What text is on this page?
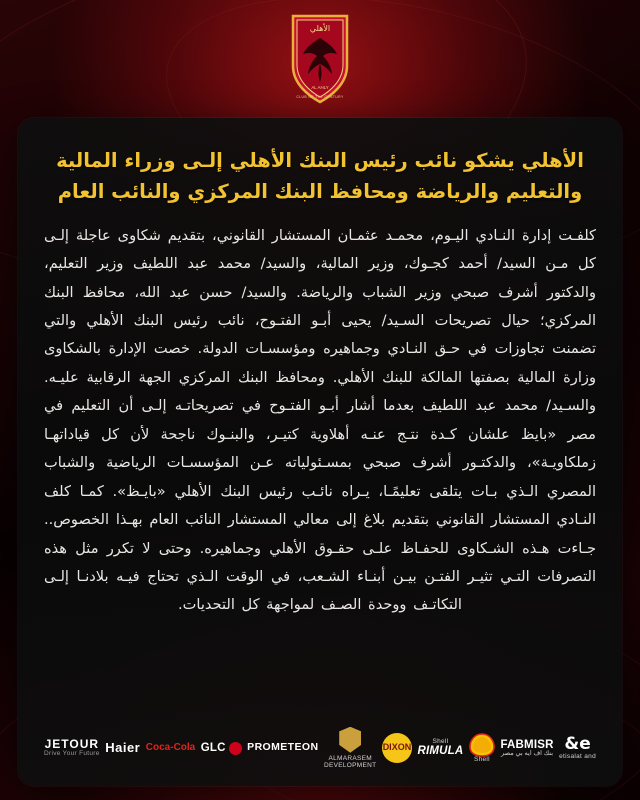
الأهلي
AL AHLY
CLUB OF THE CENTURY
الأهلي يشكو نائب رئيس البنك الأهلي إلـى وزراء المالية والتعليم والرياضة ومحافظ البنك المركزي والنائب العام

كلفـت إدارة النـادي اليـوم، محمـد عثمـان المستشار القانوني، بتقديم شكاوى عاجلة إلـى كل مـن السيد/ أحمد كجـوك، وزير المالية، والسيد/ محمد عبد اللطيف وزير التعليم، والدكتور أشرف صبحي وزير الشباب والرياضة. والسيد/ حسن عبد الله، محافظ البنك المركزي؛ حيال تصريحات السـيد/ يحيى أبـو الفتـوح، نائب رئيس البنك الأهلي والتي تضمنت تجاوزات في حـق النـادي وجماهيره ومؤسسـات الدولة. خصت الإدارة بالشكاوى وزارة المالية بصفتها المالكة للبنك الأهلي. ومحافظ البنك المركزي الجهة الرقابية عليـه. والسـيد/ محمد عبد اللطيف بعدما أشار أبـو الفتـوح في تصريحاتـه إلـى أن التعليم في مصر «بايظ علشان كـدة نتـج عنـه أهلاوية كتيـر، والبنـوك ناجحة لأن كل قياداتهـا زملكاويـة»، والدكتـور أشرف صبحي بمسـئولياته عـن المؤسسـات الرياضية والشباب المصري الـذي بـات يتلقى تعليمًـا، يـراه نائـب رئيس البنك الأهلي «بايـظ». كمـا كلف النـادي المستشار القانوني بتقديم بلاغ إلى معالي المستشار النائب العام بهـذا الخصوص.. جـاءت هـذه الشـكاوى للحفـاظ علـى حقـوق الأهلي وجماهيره. وحتى لا تكرر مثل هذه التصرفات التـي تثيـر الفتـن بيـن أبنـاء الشـعب، في الوقت الـذي تحتاج فيـه بلادنـا إلـى التكاتـف ووحدة الصـف لمواجهة كل التحديات.

e&
etisalat and
FABMISR
بنك اف ايه بي مصر
Shell
Shell
RIMULA
DIXON
ALMARASEM
DEVELOPMENT
PROMETEON
GLC
Coca-Cola
Haier
JETOUR
Drive Your Future
